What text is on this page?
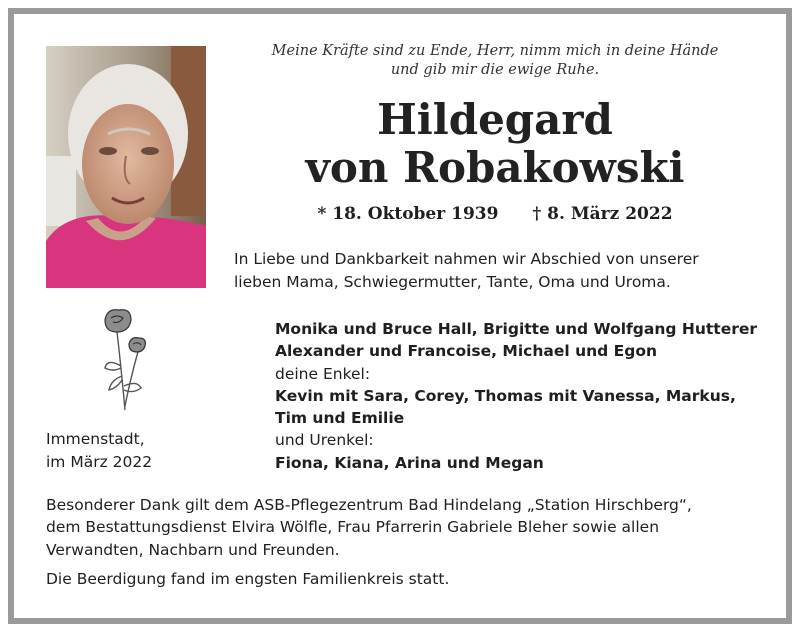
Meine Kräfte sind zu Ende, Herr, nimm mich in deine Hände
und gib mir die ewige Ruhe.
Hildegard
von Robakowski
* 18. Oktober 1939 † 8. März 2022
In Liebe und Dankbarkeit nahmen wir Abschied von unserer
lieben Mama, Schwiegermutter, Tante, Oma und Uroma.
Monika und Bruce Hall, Brigitte und Wolfgang Hutterer
Alexander und Francoise, Michael und Egon
deine Enkel:
Kevin mit Sara, Corey, Thomas mit Vanessa, Markus,
Tim und Emilie
und Urenkel:
Fiona, Kiana, Arina und Megan
Immenstadt,
im März 2022
Besonderer Dank gilt dem ASB-Pflegezentrum Bad Hindelang „Station Hirschberg“,
dem Bestattungsdienst Elvira Wölfle, Frau Pfarrerin Gabriele Bleher sowie allen
Verwandten, Nachbarn und Freunden.
Die Beerdigung fand im engsten Familienkreis statt.
